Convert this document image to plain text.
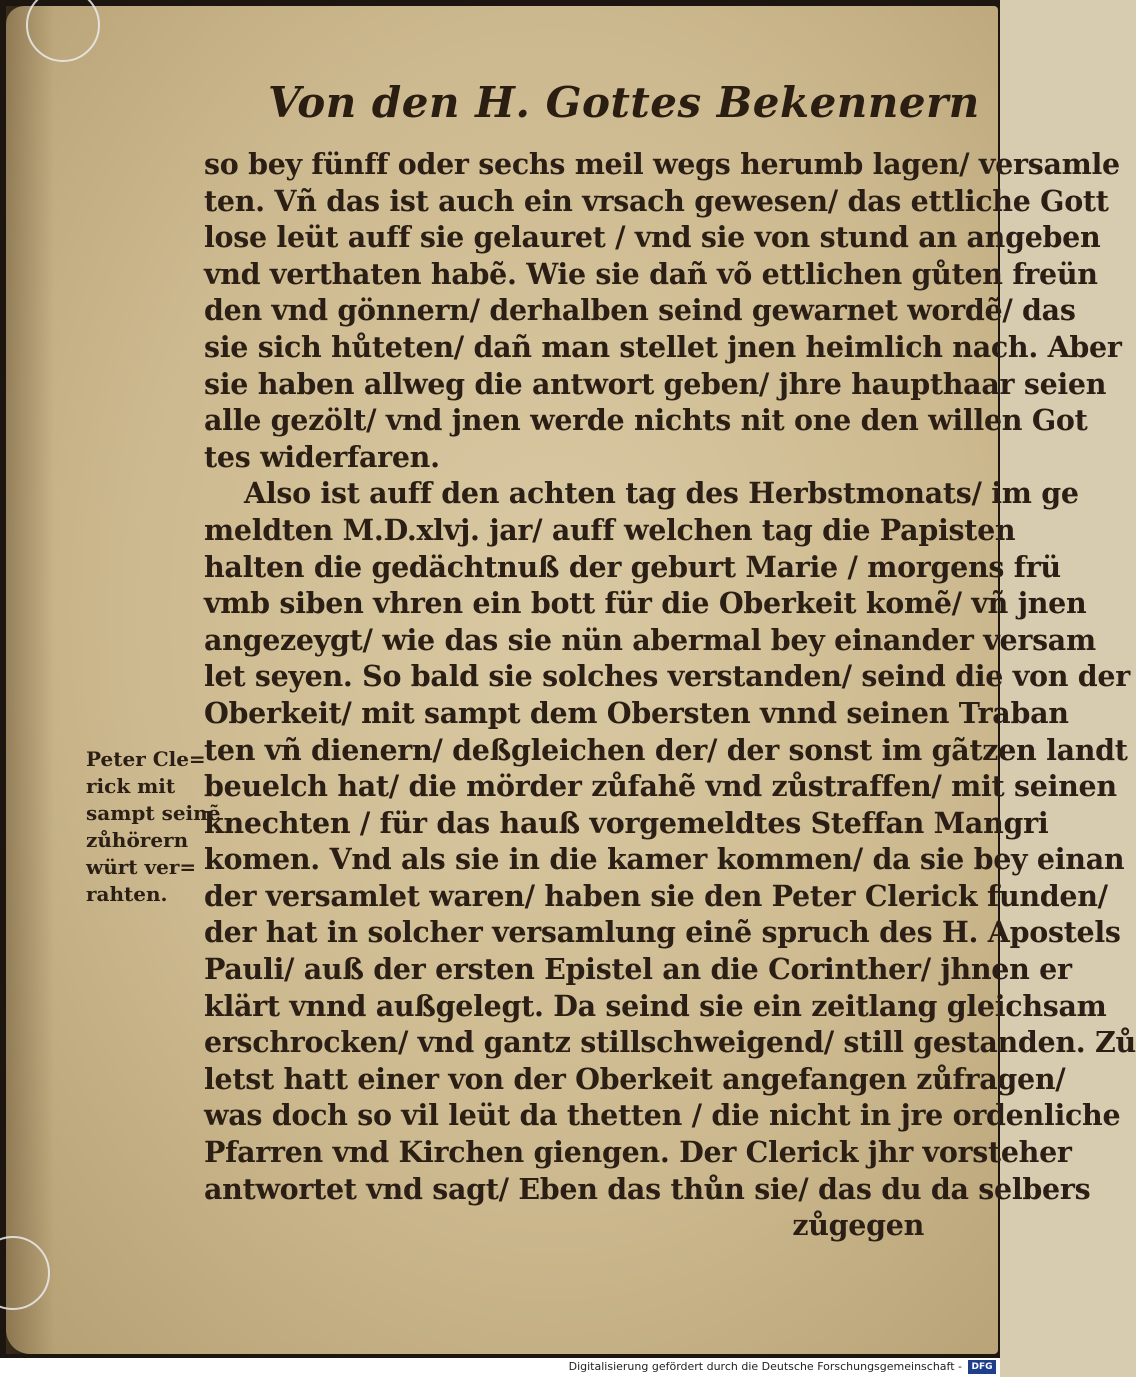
Von den H. Gottes Bekennern
so bey fünff oder sechs meil wegs herumb lagen/ versamle
ten. Vñ das ist auch ein vrsach gewesen/ das ettliche Gott
lose leüt auff sie gelauret / vnd sie von stund an angeben
vnd verthaten habẽ. Wie sie dañ võ ettlichen gůten freün
den vnd gönnern/ derhalben seind gewarnet wordẽ/ das
sie sich hůteten/ dañ man stellet jnen heimlich nach. Aber
sie haben allweg die antwort geben/ jhre haupthaar seien
alle gezölt/ vnd jnen werde nichts nit one den willen Got
tes widerfaren.
Also ist auff den achten tag des Herbstmonats/ im ge
meldten M.D.xlvj. jar/ auff welchen tag die Papisten
halten die gedächtnuß der geburt Marie / morgens frü
vmb siben vhren ein bott für die Oberkeit komẽ/ vñ jnen
angezeygt/ wie das sie nün abermal bey einander versam
let seyen. So bald sie solches verstanden/ seind die von der
Oberkeit/ mit sampt dem Obersten vnnd seinen Traban
ten vñ dienern/ deßgleichen der/ der sonst im gãtzen landt
beuelch hat/ die mörder zůfahẽ vnd zůstraffen/ mit seinen
knechten / für das hauß vorgemeldtes Steffan Mangri
komen. Vnd als sie in die kamer kommen/ da sie bey einan
der versamlet waren/ haben sie den Peter Clerick funden/
der hat in solcher versamlung einẽ spruch des H. Apostels
Pauli/ auß der ersten Epistel an die Corinther/ jhnen er
klärt vnnd außgelegt. Da seind sie ein zeitlang gleichsam
erschrocken/ vnd gantz stillschweigend/ still gestanden. Zů
letst hatt einer von der Oberkeit angefangen zůfragen/
was doch so vil leüt da thetten / die nicht in jre ordenliche
Pfarren vnd Kirchen giengen. Der Clerick jhr vorsteher
antwortet vnd sagt/ Eben das thůn sie/ das du da selbers
zůgegen
Peter Cle=
rick mit
sampt seinẽ
zůhörern
würt ver=
rahten.
Digitalisierung gefördert durch die Deutsche Forschungsgemeinschaft -	DFG
